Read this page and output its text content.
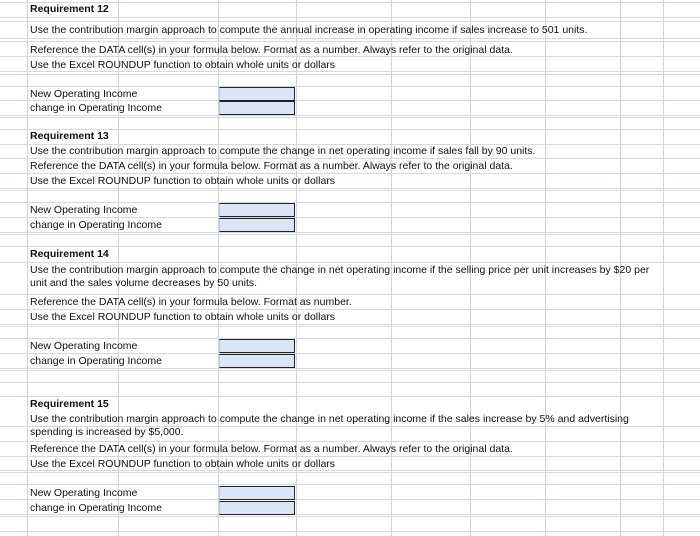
Requirement 12
Use the contribution margin approach to compute the annual increase in operating income if sales increase to 501 units.
Reference the DATA cell(s) in your formula below. Format as a number. Always refer to the original data.
Use the Excel ROUNDUP function to obtain whole units or dollars
New Operating Income
change in Operating Income
Requirement 13
Use the contribution margin approach to compute the change in net operating income if sales fall by 90 units.
Reference the DATA cell(s) in your formula below. Format as a number. Always refer to the original data.
Use the Excel ROUNDUP function to obtain whole units or dollars
New Operating Income
change in Operating Income
Requirement 14
Use the contribution margin approach to compute the change in net operating income if the selling price per unit increases by $20 per unit and the sales volume decreases by 50 units.
Reference the DATA cell(s) in your formula below. Format as number.
Use the Excel ROUNDUP function to obtain whole units or dollars
New Operating Income
change in Operating Income
Requirement 15
Use the contribution margin approach to compute the change in net operating income if the sales increase by 5% and advertising spending is increased by $5,000.
Reference the DATA cell(s) in your formula below. Format as a number. Always refer to the original data.
Use the Excel ROUNDUP function to obtain whole units or dollars
New Operating Income
change in Operating Income
